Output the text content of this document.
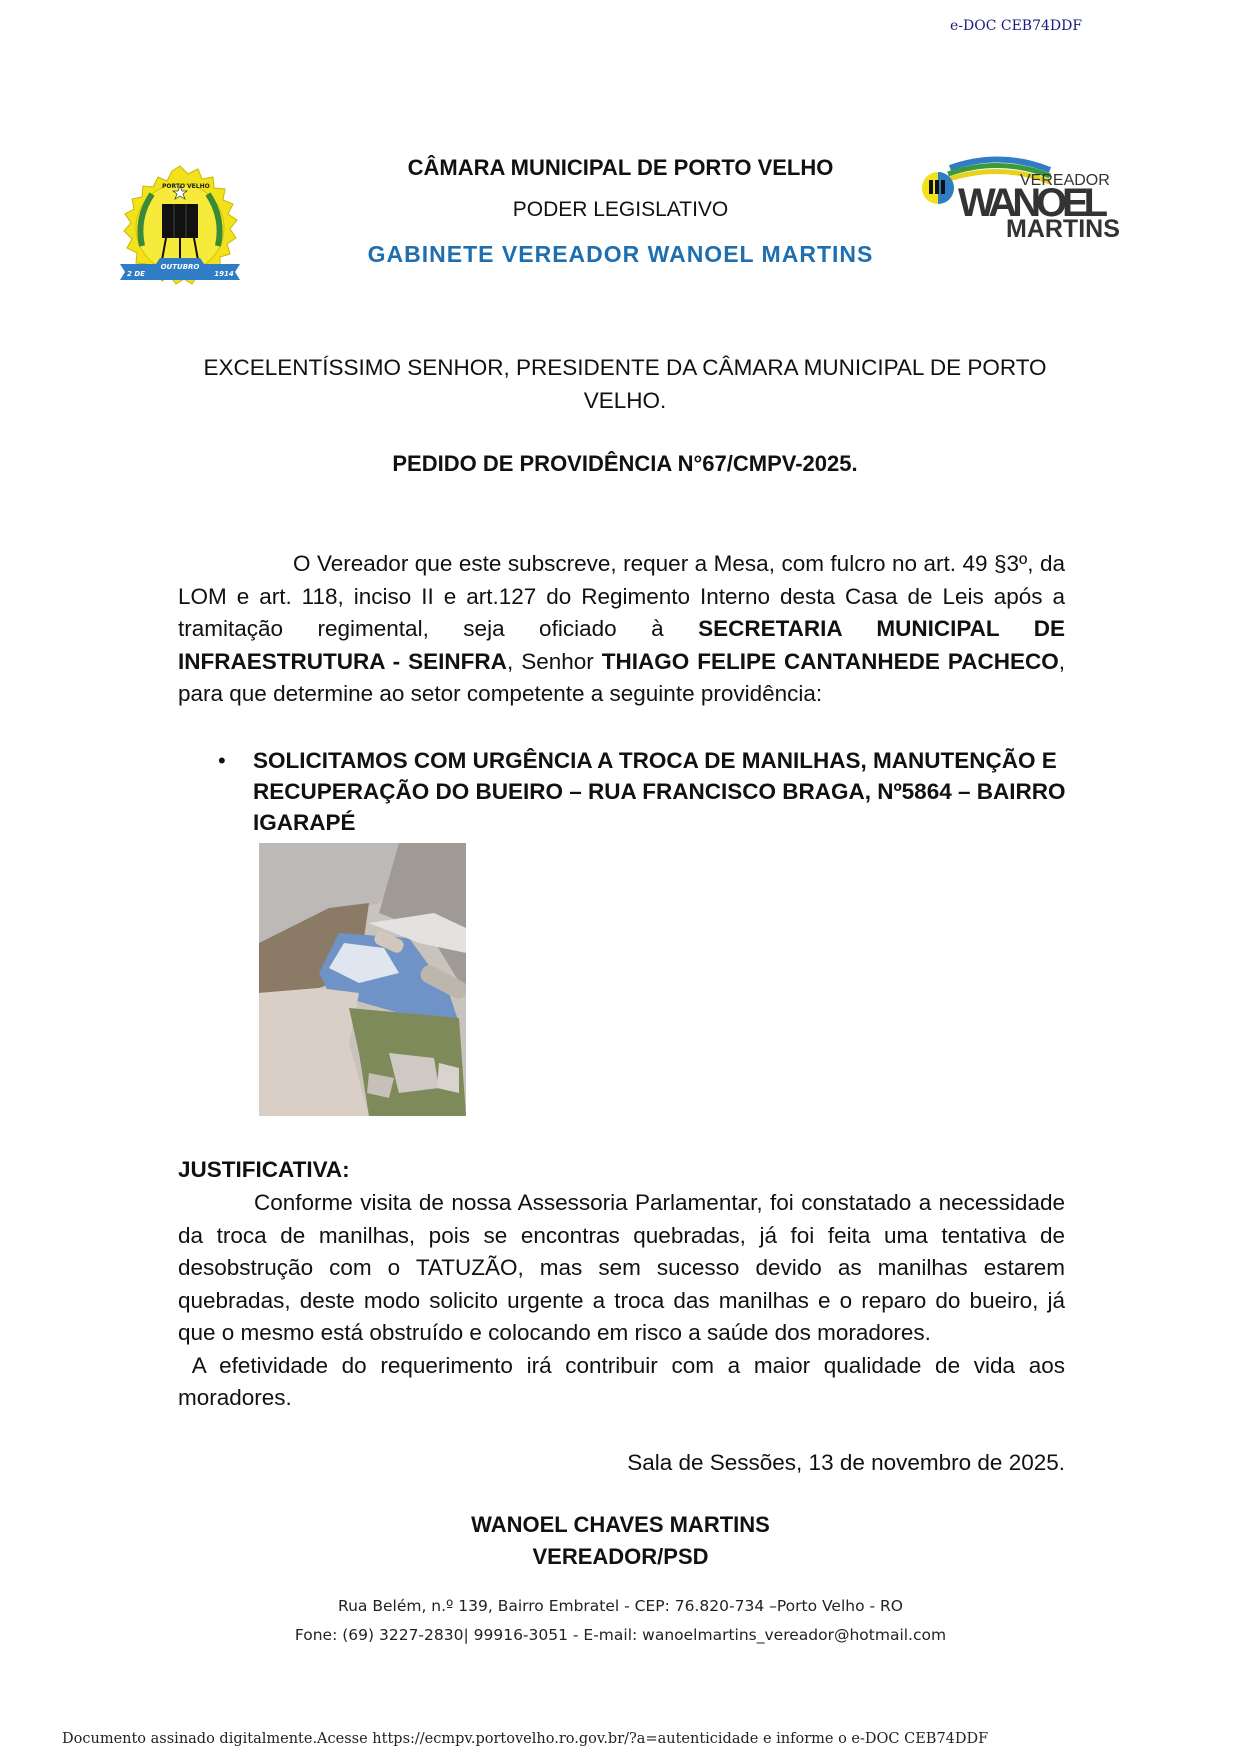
e-DOC CEB74DDF
PORTO VELHO
OUTUBRO
2 DE	1914
CÂMARA MUNICIPAL DE PORTO VELHO
PODER LEGISLATIVO
GABINETE VEREADOR WANOEL MARTINS
VEREADOR
WANOEL
MARTINS
EXCELENTÍSSIMO SENHOR, PRESIDENTE DA CÂMARA MUNICIPAL DE PORTO VELHO.
PEDIDO DE PROVIDÊNCIA N°67/CMPV-2025.
O Vereador que este subscreve, requer a Mesa, com fulcro no art. 49 §3º, da LOM e art. 118, inciso II e art.127 do Regimento Interno desta Casa de Leis após a tramitação regimental, seja oficiado à SECRETARIA MUNICIPAL DE INFRAESTRUTURA - SEINFRA, Senhor THIAGO FELIPE CANTANHEDE PACHECO, para que determine ao setor competente a seguinte providência:
• SOLICITAMOS COM URGÊNCIA A TROCA DE MANILHAS, MANUTENÇÃO E RECUPERAÇÃO DO BUEIRO – RUA FRANCISCO BRAGA, Nº5864 – BAIRRO IGARAPÉ
JUSTIFICATIVA:

Conforme visita de nossa Assessoria Parlamentar, foi constatado a necessidade da troca de manilhas, pois se encontras quebradas, já foi feita uma tentativa de desobstrução com o TATUZÃO, mas sem sucesso devido as manilhas estarem quebradas, deste modo solicito urgente a troca das manilhas e o reparo do bueiro, já que o mesmo está obstruído e colocando em risco a saúde dos moradores.

A efetividade do requerimento irá contribuir com a maior qualidade de vida aos moradores.

Sala de Sessões, 13 de novembro de 2025.
WANOEL CHAVES MARTINS
VEREADOR/PSD
Rua Belém, n.º 139, Bairro Embratel - CEP: 76.820-734 –Porto Velho - RO
Fone: (69) 3227-2830| 99916-3051 - E-mail: wanoelmartins_vereador@hotmail.com
Documento assinado digitalmente.Acesse https://ecmpv.portovelho.ro.gov.br/?a=autenticidade e informe o e-DOC CEB74DDF
